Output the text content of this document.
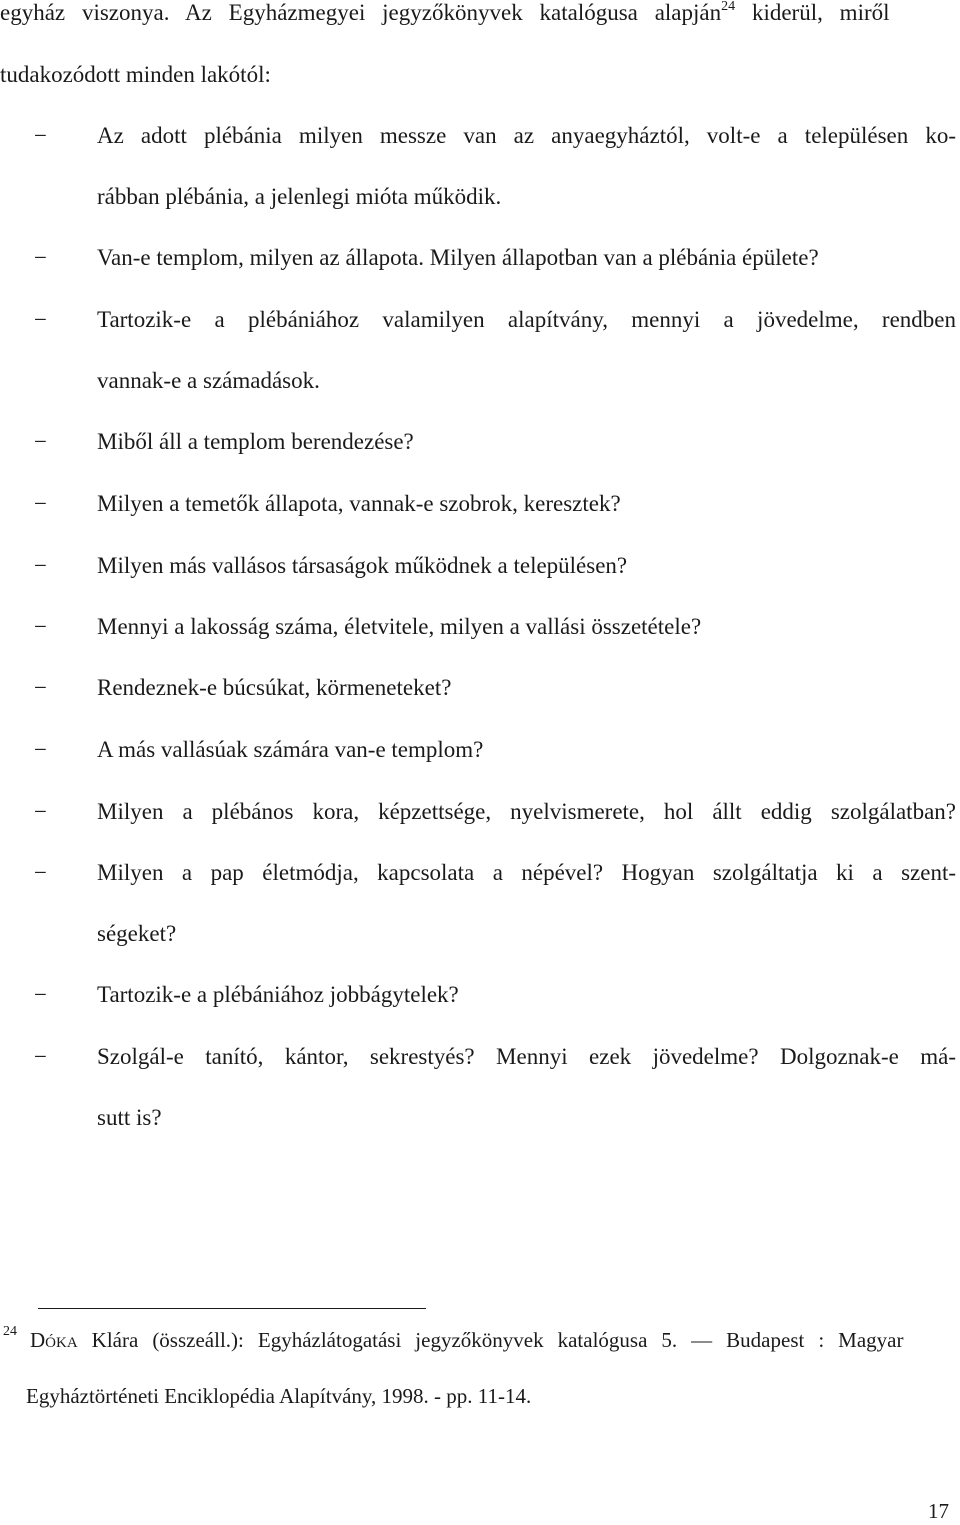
egyház viszonya. Az Egyházmegyei jegyzőkönyvek katalógusa alapján$^{24}$ kiderül, miről
tudakozódott minden lakótól:
−	Az adott plébánia milyen messze van az anyaegyháztól, volt-e a településen ko-
rábban plébánia, a jelenlegi mióta működik.
−	Van-e templom, milyen az állapota. Milyen állapotban van a plébánia épülete?
−	Tartozik-e a plébániához valamilyen alapítvány, mennyi a jövedelme, rendben
vannak-e a számadások.
−	Miből áll a templom berendezése?
−	Milyen a temetők állapota, vannak-e szobrok, keresztek?
−	Milyen más vallásos társaságok működnek a településen?
−	Mennyi a lakosság száma, életvitele, milyen a vallási összetétele?
−	Rendeznek-e búcsúkat, körmeneteket?
−	A más vallásúak számára van-e templom?
−	Milyen a plébános kora, képzettsége, nyelvismerete, hol állt eddig szolgálatban?
−	Milyen a pap életmódja, kapcsolata a népével? Hogyan szolgáltatja ki a szent-
ségeket?
−	Tartozik-e a plébániához jobbágytelek?
−	Szolgál-e tanító, kántor, sekrestyés? Mennyi ezek jövedelme? Dolgoznak-e má-
sutt is?
24 Dóka Klára (összeáll.): Egyházlátogatási jegyzőkönyvek katalógusa 5. — Budapest : Magyar
Egyháztörténeti Enciklopédia Alapítvány, 1998. - pp. 11-14.
17
